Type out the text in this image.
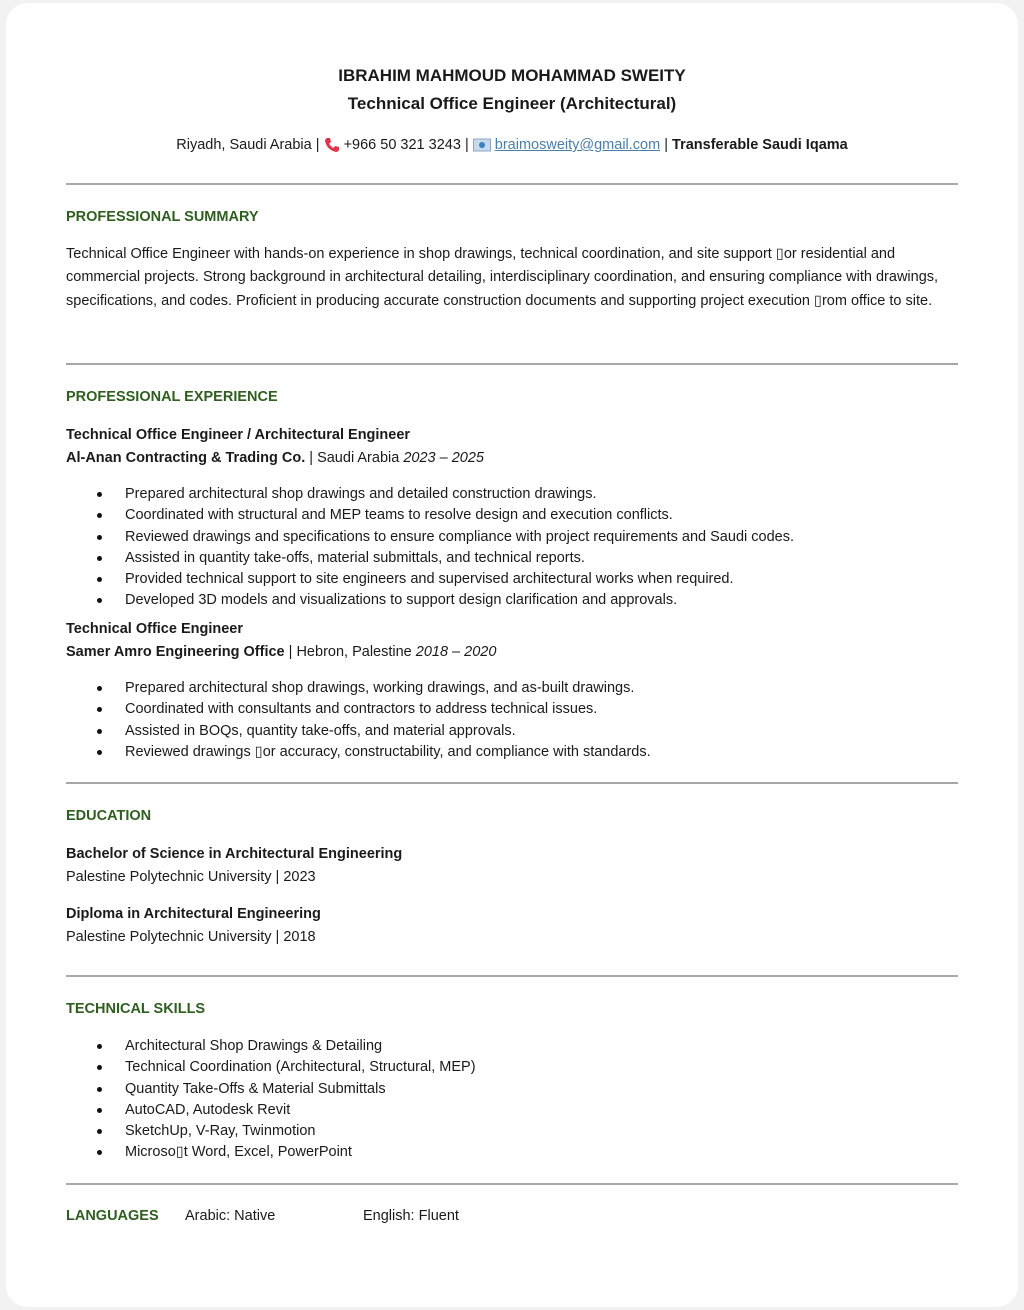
IBRAHIM MAHMOUD MOHAMMAD SWEITY
Technical Office Engineer (Architectural)
Riyadh, Saudi Arabia | +966 50 321 3243 | braimosweity@gmail.com | Transferable Saudi Iqama
PROFESSIONAL SUMMARY
Technical Office Engineer with hands-on experience in shop drawings, technical coordination, and site support ▯or residential and commercial projects. Strong background in architectural detailing, interdisciplinary coordination, and ensuring compliance with drawings, specifications, and codes. Proficient in producing accurate construction documents and supporting project execution ▯rom office to site.
PROFESSIONAL EXPERIENCE
Technical Office Engineer / Architectural Engineer
Al-Anan Contracting & Trading Co. | Saudi Arabia 2023 – 2025
Prepared architectural shop drawings and detailed construction drawings.
Coordinated with structural and MEP teams to resolve design and execution conflicts.
Reviewed drawings and specifications to ensure compliance with project requirements and Saudi codes.
Assisted in quantity take-offs, material submittals, and technical reports.
Provided technical support to site engineers and supervised architectural works when required.
Developed 3D models and visualizations to support design clarification and approvals.
Technical Office Engineer
Samer Amro Engineering Office | Hebron, Palestine 2018 – 2020
Prepared architectural shop drawings, working drawings, and as-built drawings.
Coordinated with consultants and contractors to address technical issues.
Assisted in BOQs, quantity take-offs, and material approvals.
Reviewed drawings ▯or accuracy, constructability, and compliance with standards.
EDUCATION
Bachelor of Science in Architectural Engineering
Palestine Polytechnic University | 2023
Diploma in Architectural Engineering
Palestine Polytechnic University | 2018
TECHNICAL SKILLS
Architectural Shop Drawings & Detailing
Technical Coordination (Architectural, Structural, MEP)
Quantity Take-Offs & Material Submittals
AutoCAD, Autodesk Revit
SketchUp, V-Ray, Twinmotion
Microso▯t Word, Excel, PowerPoint
LANGUAGES Arabic: Native	English: Fluent
